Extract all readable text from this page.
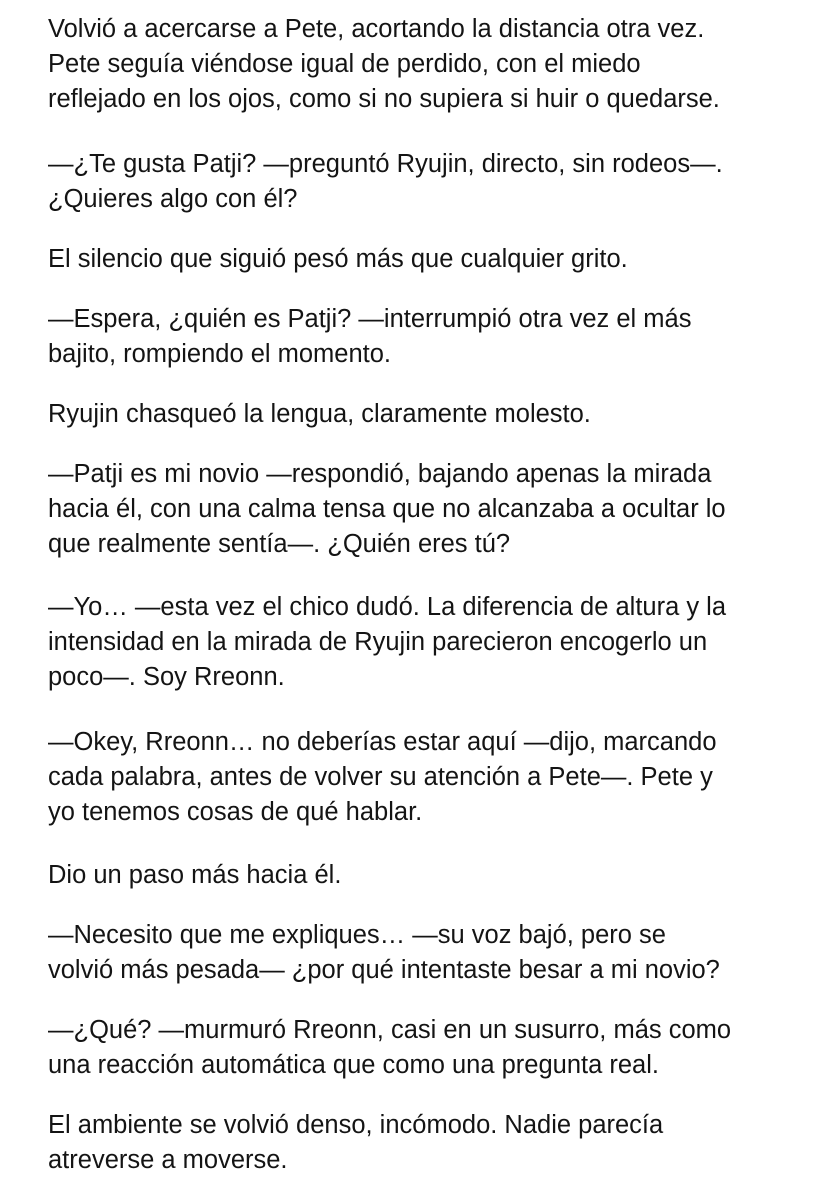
Volvió a acercarse a Pete, acortando la distancia otra vez.
Pete seguía viéndose igual de perdido, con el miedo
reflejado en los ojos, como si no supiera si huir o quedarse.

—¿Te gusta Patji? —preguntó Ryujin, directo, sin rodeos—.
¿Quieres algo con él?

El silencio que siguió pesó más que cualquier grito.

—Espera, ¿quién es Patji? —interrumpió otra vez el más
bajito, rompiendo el momento.

Ryujin chasqueó la lengua, claramente molesto.

—Patji es mi novio —respondió, bajando apenas la mirada
hacia él, con una calma tensa que no alcanzaba a ocultar lo
que realmente sentía—. ¿Quién eres tú?

—Yo… —esta vez el chico dudó. La diferencia de altura y la
intensidad en la mirada de Ryujin parecieron encogerlo un
poco—. Soy Rreonn.

—Okey, Rreonn… no deberías estar aquí —dijo, marcando
cada palabra, antes de volver su atención a Pete—. Pete y
yo tenemos cosas de qué hablar.

Dio un paso más hacia él.

—Necesito que me expliques… —su voz bajó, pero se
volvió más pesada— ¿por qué intentaste besar a mi novio?

—¿Qué? —murmuró Rreonn, casi en un susurro, más como
una reacción automática que como una pregunta real.

El ambiente se volvió denso, incómodo. Nadie parecía
atreverse a moverse.
